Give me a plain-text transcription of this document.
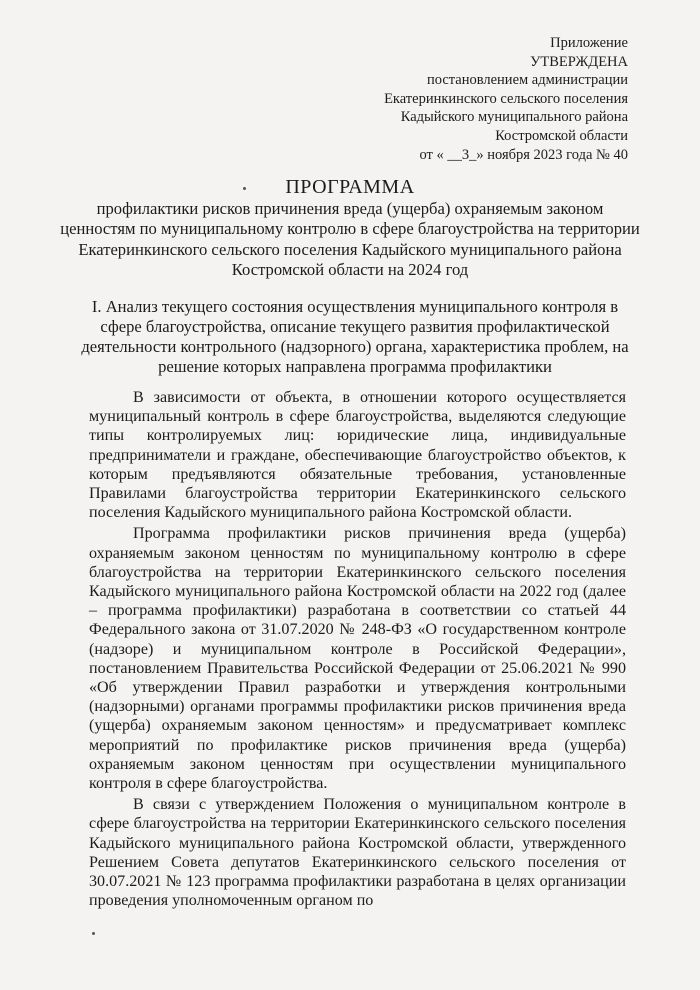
Приложение
УТВЕРЖДЕНА
постановлением администрации
Екатеринкинского сельского поселения
Кадыйского муниципального района
Костромской области
от « __3_» ноября 2023 года № 40
ПРОГРАММА
профилактики рисков причинения вреда (ущерба) охраняемым законом ценностям по муниципальному контролю в сфере благоустройства на территории Екатеринкинского сельского поселения Кадыйского муниципального района Костромской области на 2024 год
I. Анализ текущего состояния осуществления муниципального контроля в сфере благоустройства, описание текущего развития профилактической деятельности контрольного (надзорного) органа, характеристика проблем, на решение которых направлена программа профилактики

В зависимости от объекта, в отношении которого осуществляется муниципальный контроль в сфере благоустройства, выделяются следующие типы контролируемых лиц: юридические лица, индивидуальные предприниматели и граждане, обеспечивающие благоустройство объектов, к которым предъявляются обязательные требования, установленные Правилами благоустройства территории Екатеринкинского сельского поселения Кадыйского муниципального района Костромской области.

Программа профилактики рисков причинения вреда (ущерба) охраняемым законом ценностям по муниципальному контролю в сфере благоустройства на территории Екатеринкинского сельского поселения Кадыйского муниципального района Костромской области на 2022 год (далее – программа профилактики) разработана в соответствии со статьей 44 Федерального закона от 31.07.2020 № 248-ФЗ «О государственном контроле (надзоре) и муниципальном контроле в Российской Федерации», постановлением Правительства Российской Федерации от 25.06.2021 № 990 «Об утверждении Правил разработки и утверждения контрольными (надзорными) органами программы профилактики рисков причинения вреда (ущерба) охраняемым законом ценностям» и предусматривает комплекс мероприятий по профилактике рисков причинения вреда (ущерба) охраняемым законом ценностям при осуществлении муниципального контроля в сфере благоустройства.

В связи с утверждением Положения о муниципальном контроле в сфере благоустройства на территории Екатеринкинского сельского поселения Кадыйского муниципального района Костромской области, утвержденного Решением Совета депутатов Екатеринкинского сельского поселения от 30.07.2021 № 123 программа профилактики разработана в целях организации проведения уполномоченным органом по
